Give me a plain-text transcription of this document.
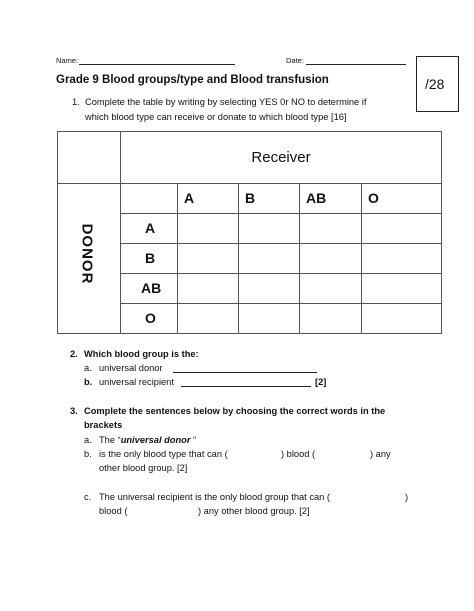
Name:	Date:
/28
Grade 9 Blood groups/type and Blood transfusion
1. Complete the table by writing by selecting YES 0r NO to determine if
which blood type can receive or donate to which blood type [16]
	Receiver				
		A	B	AB	O
	A				
	B				
	AB				
	O				
DONOR
2. Which blood group is the:
a. universal donor
b. universal recipient	[2]
3. Complete the sentences below by choosing the correct words in the
brackets
a. The “universal donor “
b. is the only blood type that can (	) blood (	) any
other blood group. [2]
c. The universal recipient is the only blood group that can (	)
blood (	) any other blood group. [2]
